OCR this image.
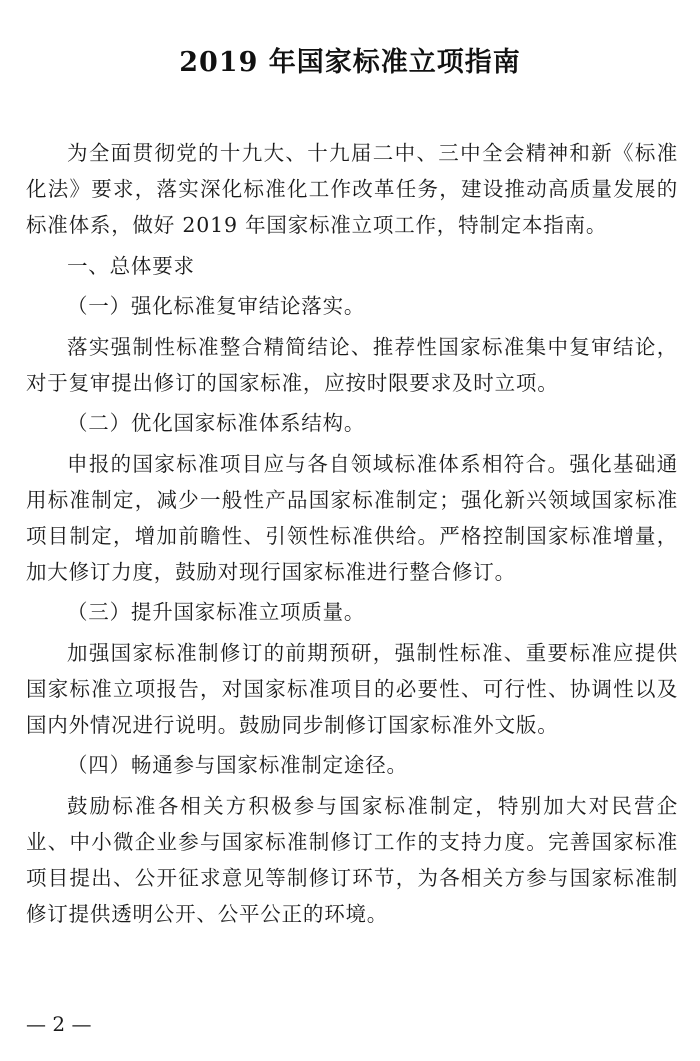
2019 年国家标准立项指南

为全面贯彻党的十九大、十九届二中、三中全会精神和新《标准化法》要求，落实深化标准化工作改革任务，建设推动高质量发展的标准体系，做好 2019 年国家标准立项工作，特制定本指南。

一、总体要求

（一）强化标准复审结论落实。

落实强制性标准整合精简结论、推荐性国家标准集中复审结论，对于复审提出修订的国家标准，应按时限要求及时立项。

（二）优化国家标准体系结构。

申报的国家标准项目应与各自领域标准体系相符合。强化基础通用标准制定，减少一般性产品国家标准制定；强化新兴领域国家标准项目制定，增加前瞻性、引领性标准供给。严格控制国家标准增量，加大修订力度，鼓励对现行国家标准进行整合修订。

（三）提升国家标准立项质量。

加强国家标准制修订的前期预研，强制性标准、重要标准应提供国家标准立项报告，对国家标准项目的必要性、可行性、协调性以及国内外情况进行说明。鼓励同步制修订国家标准外文版。

（四）畅通参与国家标准制定途径。

鼓励标准各相关方积极参与国家标准制定，特别加大对民营企业、中小微企业参与国家标准制修订工作的支持力度。完善国家标准项目提出、公开征求意见等制修订环节，为各相关方参与国家标准制修订提供透明公开、公平公正的环境。

— 2 —
